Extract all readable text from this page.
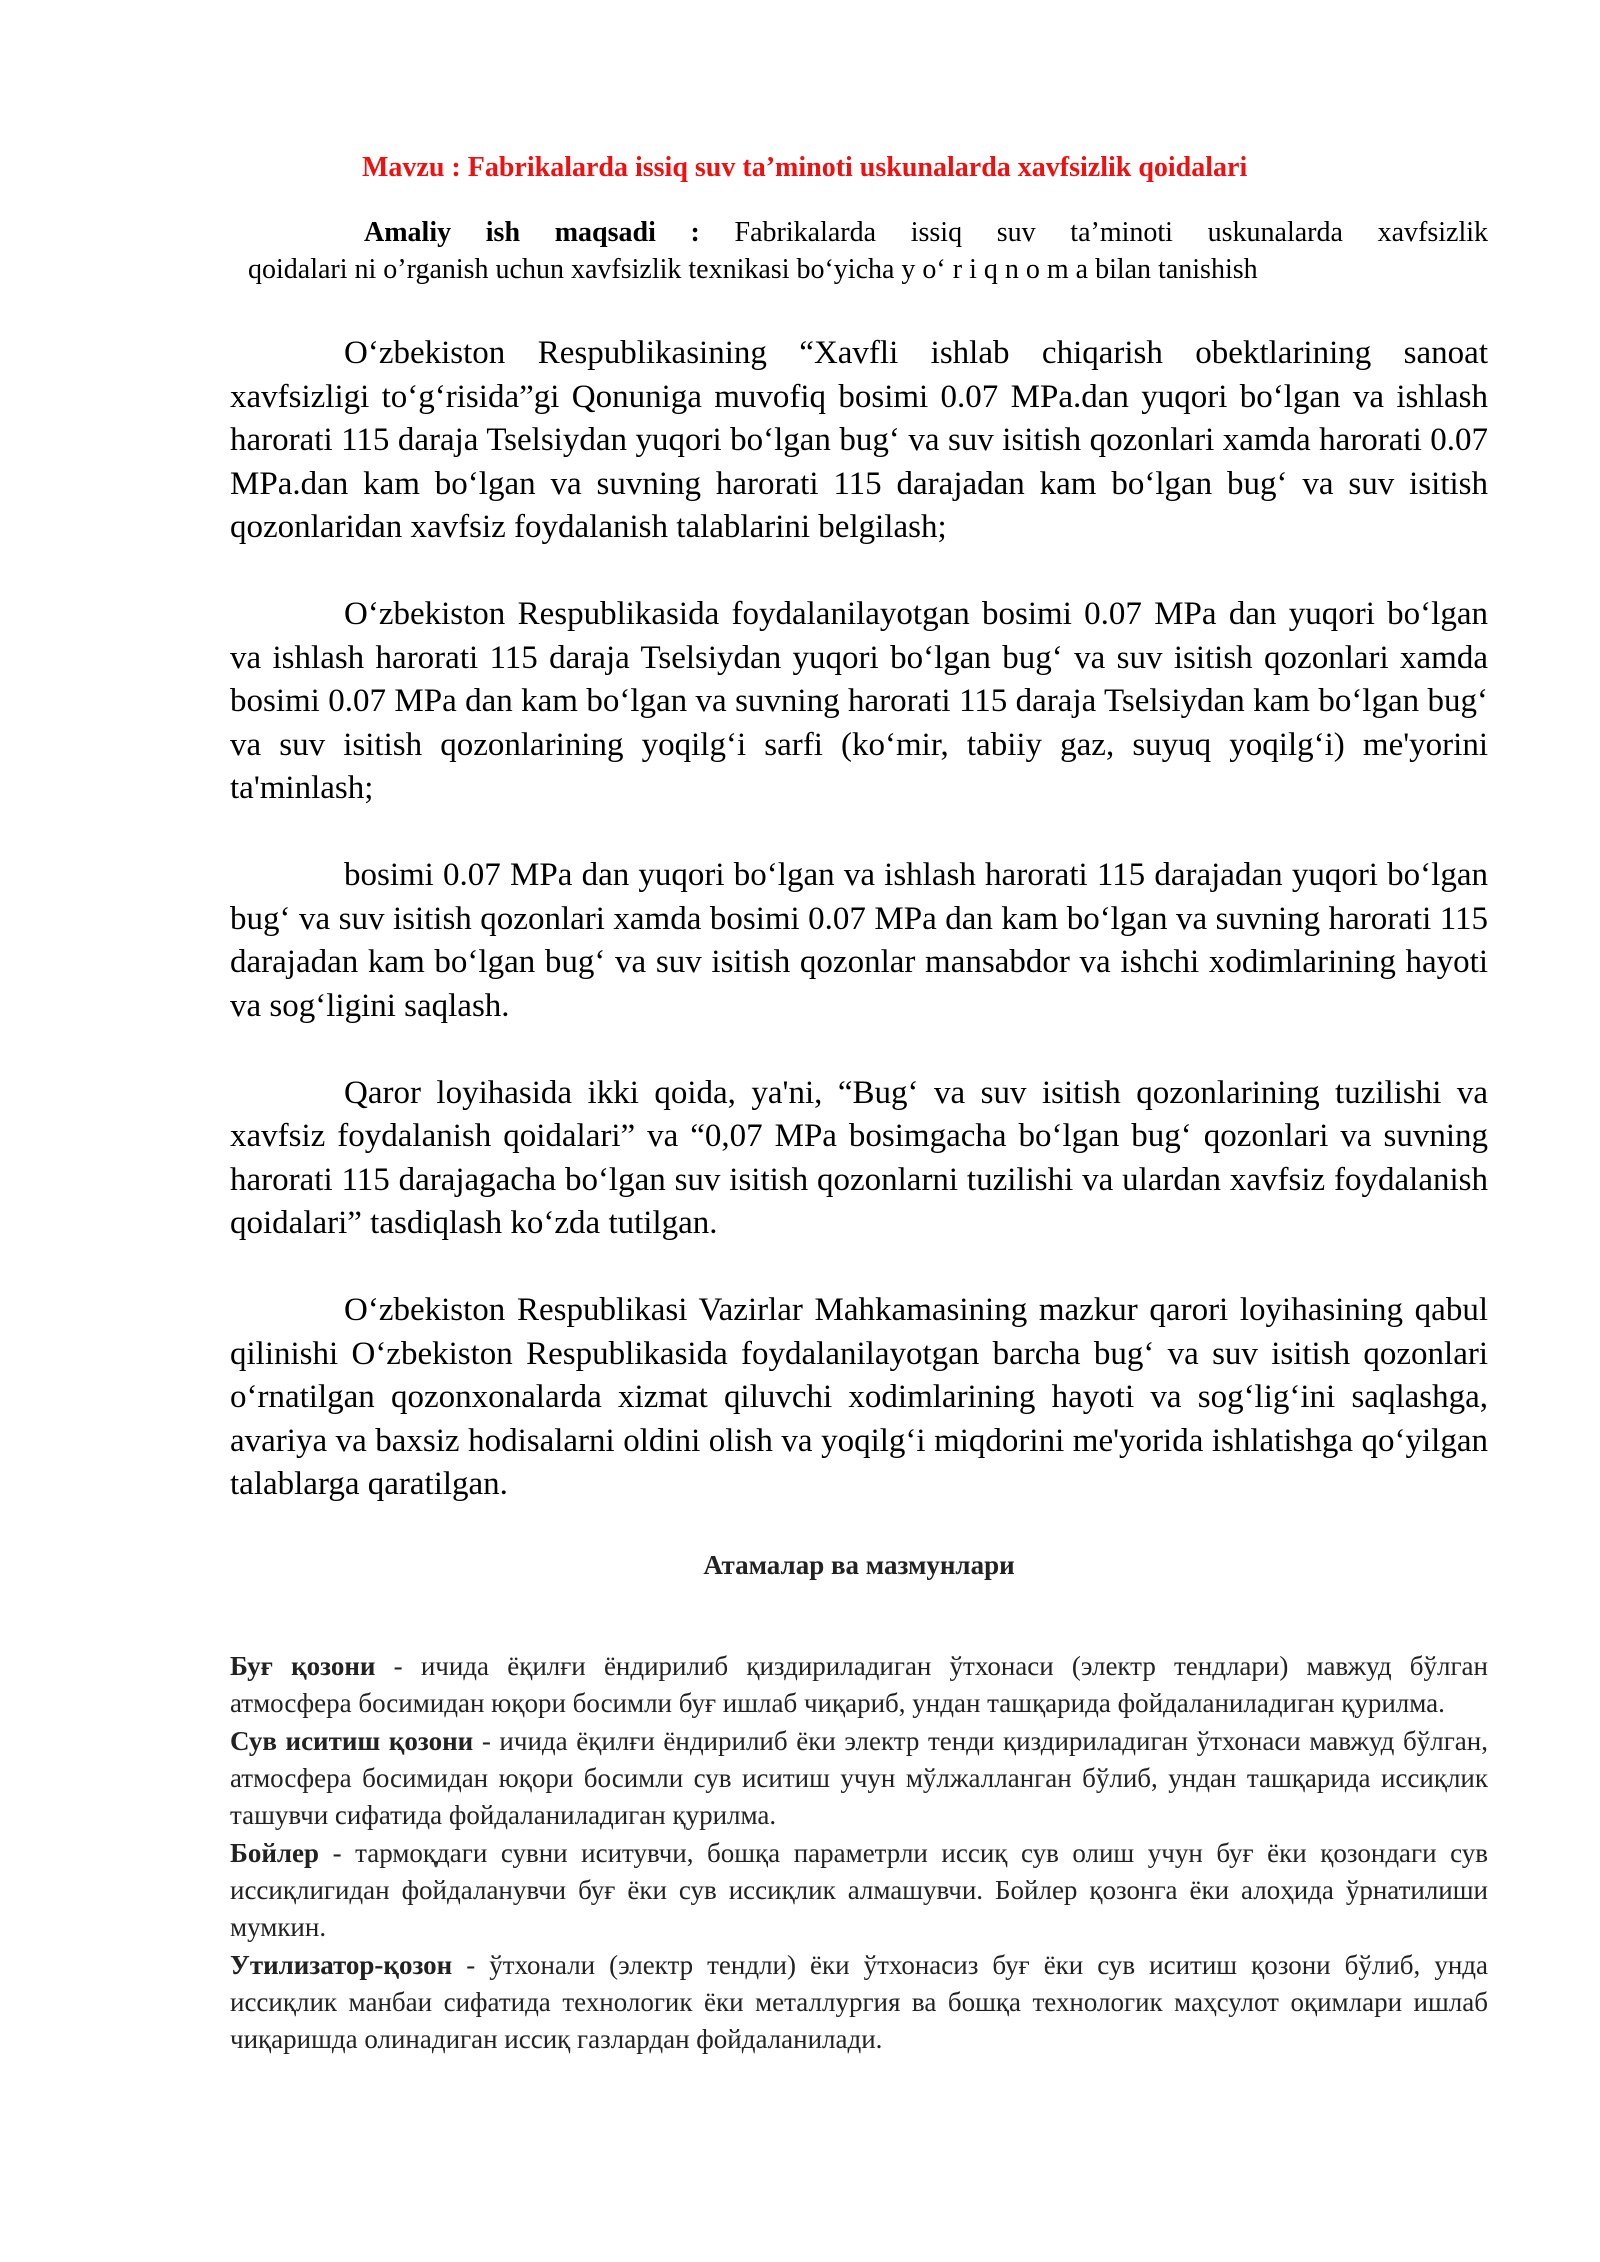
Mavzu : Fabrikalarda issiq suv ta’minoti uskunalarda xavfsizlik qoidalari
Amaliy ish maqsadi : Fabrikalarda issiq suv ta’minoti uskunalarda xavfsizlik
qoidalari ni o’rganish uchun xavfsizlik texnikasi bo‘yicha y o‘ r i q n o m a bilan tanishish

O‘zbekiston Respublikasining “Xavfli ishlab chiqarish obektlarining sanoat xavfsizligi to‘g‘risida”gi Qonuniga muvofiq bosimi 0.07 MPa.dan yuqori bo‘lgan va ishlash harorati 115 daraja Tselsiydan yuqori bo‘lgan bug‘ va suv isitish qozonlari xamda harorati 0.07 MPa.dan kam bo‘lgan va suvning harorati 115 darajadan kam bo‘lgan bug‘ va suv isitish qozonlaridan xavfsiz foydalanish talablarini belgilash;

O‘zbekiston Respublikasida foydalanilayotgan bosimi 0.07 MPa dan yuqori bo‘lgan va ishlash harorati 115 daraja Tselsiydan yuqori bo‘lgan bug‘ va suv isitish qozonlari xamda bosimi 0.07 MPa dan kam bo‘lgan va suvning harorati 115 daraja Tselsiydan kam bo‘lgan bug‘ va suv isitish qozonlarining yoqilg‘i sarfi (ko‘mir, tabiiy gaz, suyuq yoqilg‘i) me'yorini ta'minlash;

bosimi 0.07 MPa dan yuqori bo‘lgan va ishlash harorati 115 darajadan yuqori bo‘lgan bug‘ va suv isitish qozonlari xamda bosimi 0.07 MPa dan kam bo‘lgan va suvning harorati 115 darajadan kam bo‘lgan bug‘ va suv isitish qozonlar mansabdor va ishchi xodimlarining hayoti va sog‘ligini saqlash.

Qaror loyihasida ikki qoida, ya'ni, “Bug‘ va suv isitish qozonlarining tuzilishi va xavfsiz foydalanish qoidalari” va “0,07 MPa bosimgacha bo‘lgan bug‘ qozonlari va suvning harorati 115 darajagacha bo‘lgan suv isitish qozonlarni tuzilishi va ulardan xavfsiz foydalanish qoidalari” tasdiqlash ko‘zda tutilgan.

O‘zbekiston Respublikasi Vazirlar Mahkamasining mazkur qarori loyihasining qabul qilinishi O‘zbekiston Respublikasida foydalanilayotgan barcha bug‘ va suv isitish qozonlari o‘rnatilgan qozonxonalarda xizmat qiluvchi xodimlarining hayoti va sog‘lig‘ini saqlashga, avariya va baxsiz hodisalarni oldini olish va yoqilg‘i miqdorini me'yorida ishlatishga qo‘yilgan talablarga qaratilgan.

Атамалар ва мазмунлари

Буғ қозони - ичида ёқилғи ёндирилиб қиздириладиган ўтхонаси (электр тендлари) мавжуд бўлган атмосфера босимидан юқори босимли буғ ишлаб чиқариб, ундан ташқарида фойдаланиладиган қурилма.

Сув иситиш қозони - ичида ёқилғи ёндирилиб ёки электр тенди қиздириладиган ўтхонаси мавжуд бўлган, атмосфера босимидан юқори босимли сув иситиш учун мўлжалланган бўлиб, ундан ташқарида иссиқлик ташувчи сифатида фойдаланиладиган қурилма.

Бойлер - тармоқдаги сувни иситувчи, бошқа параметрли иссиқ сув олиш учун буғ ёки қозондаги сув иссиқлигидан фойдаланувчи буғ ёки сув иссиқлик алмашувчи. Бойлер қозонга ёки алоҳида ўрнатилиши мумкин.

Утилизатор-қозон - ўтхонали (электр тендли) ёки ўтхонасиз буғ ёки сув иситиш қозони бўлиб, унда иссиқлик манбаи сифатида технологик ёки металлургия ва бошқа технологик маҳсулот оқимлари ишлаб чиқаришда олинадиган иссиқ газлардан фойдаланилади.
